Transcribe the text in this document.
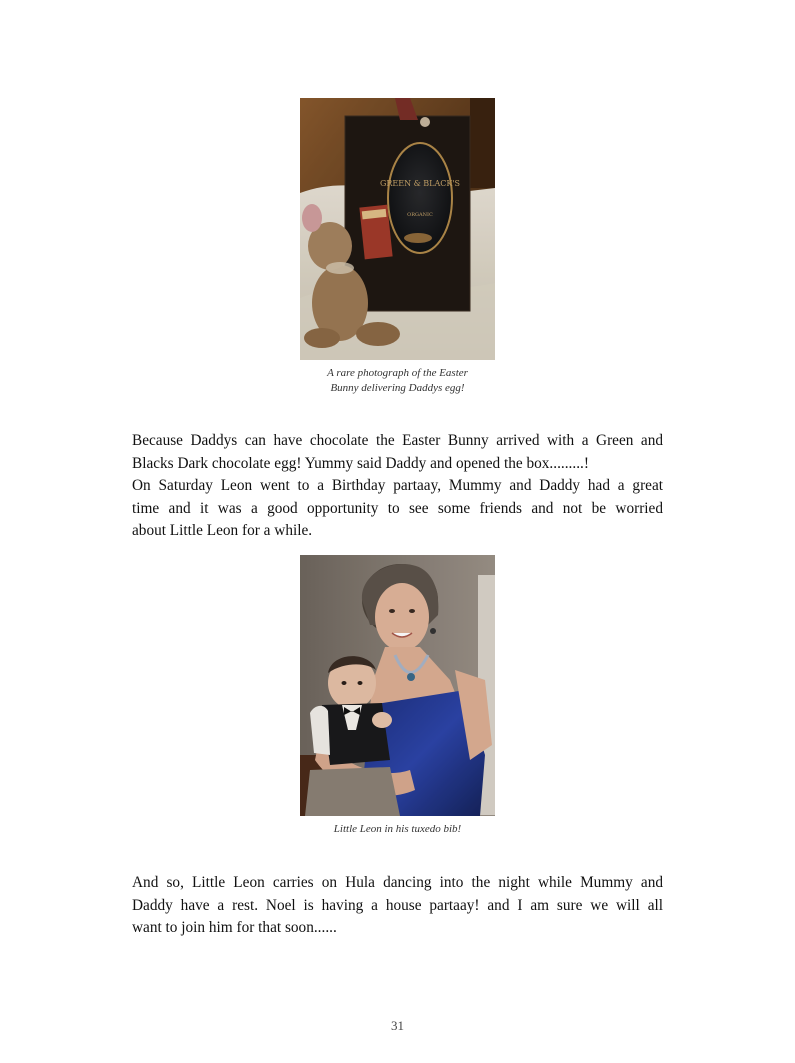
GREEN & BLACK'S
ORGANIC
A rare photograph of the Easter
Bunny delivering Daddys egg!

Because Daddys can have chocolate the Easter Bunny arrived with a Green and
Blacks Dark chocolate egg! Yummy said Daddy and opened the box.........!
On Saturday Leon went to a Birthday partaay, Mummy and Daddy had a great
time and it was a good opportunity to see some friends and not be worried
about Little Leon for a while.

Little Leon in his tuxedo bib!

And so, Little Leon carries on Hula dancing into the night while Mummy and
Daddy have a rest. Noel is having a house partaay! and I am sure we will all
want to join him for that soon......

31
